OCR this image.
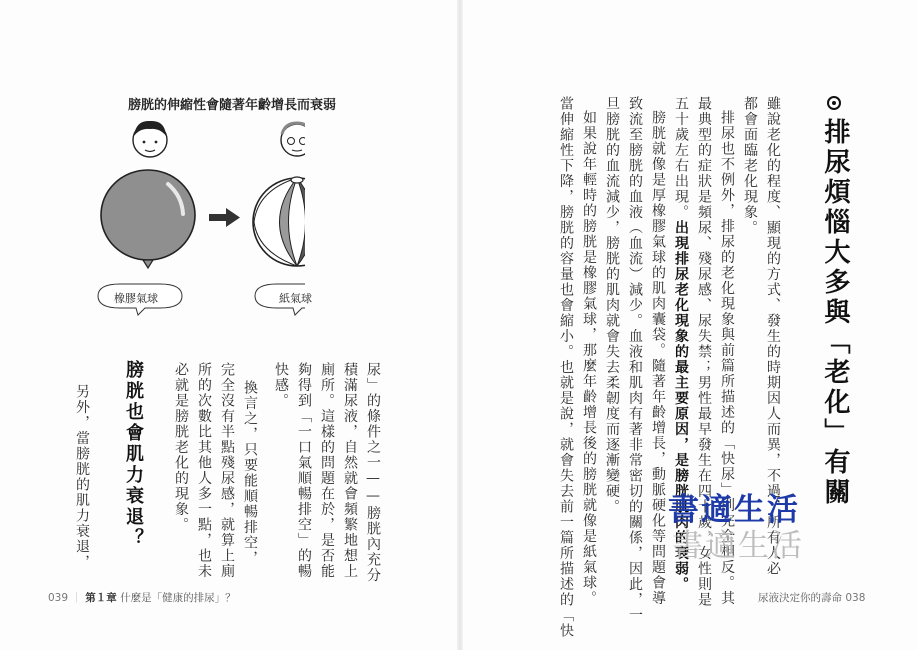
排尿煩惱大多與「老化」有關
雖說老化的程度、顯現的方式、發生的時期因人而異，不過，所有人必
都會面臨老化現象。
排尿也不例外，排尿的老化現象與前篇所描述的「快尿」則完全相反。其
最典型的症狀是頻尿、殘尿感、尿失禁；男性最早發生在四十歲，女性則是
五十歲左右出現。出現排尿老化現象的最主要原因，是膀胱肌肉的衰弱。
膀胱就像是厚橡膠氣球的肌肉囊袋。隨著年齡增長，動脈硬化等問題會導
致流至膀胱的血液（血流）減少。血液和肌肉有著非常密切的關係，因此，一
旦膀胱的血流減少，膀胱的肌肉就會失去柔韌度而逐漸變硬。
如果說年輕時的膀胱是橡膠氣球，那麼年齡增長後的膀胱就像是紙氣球。
當伸縮性下降，膀胱的容量也會縮小。也就是說，就會失去前一篇所描述的「快
膀胱的伸縮性會隨著年齡增長而衰弱
橡膠氣球	紙氣球
尿」的條件之一——膀胱內充分
積滿尿液，自然就會頻繁地想上
廁所。這樣的問題在於，是否能
夠得到「一口氣順暢排空」的暢
快感。
換言之，只要能順暢排空，
完全沒有半點殘尿感，就算上廁
所的次數比其他人多一點，也未
必就是膀胱老化的現象。
膀胱也會肌力衰退？
另外，當膀胱的肌力衰退，
039 ｜ 第１章 什麼是「健康的排尿」？	尿液決定你的壽命 038
書適生活
書適生活
